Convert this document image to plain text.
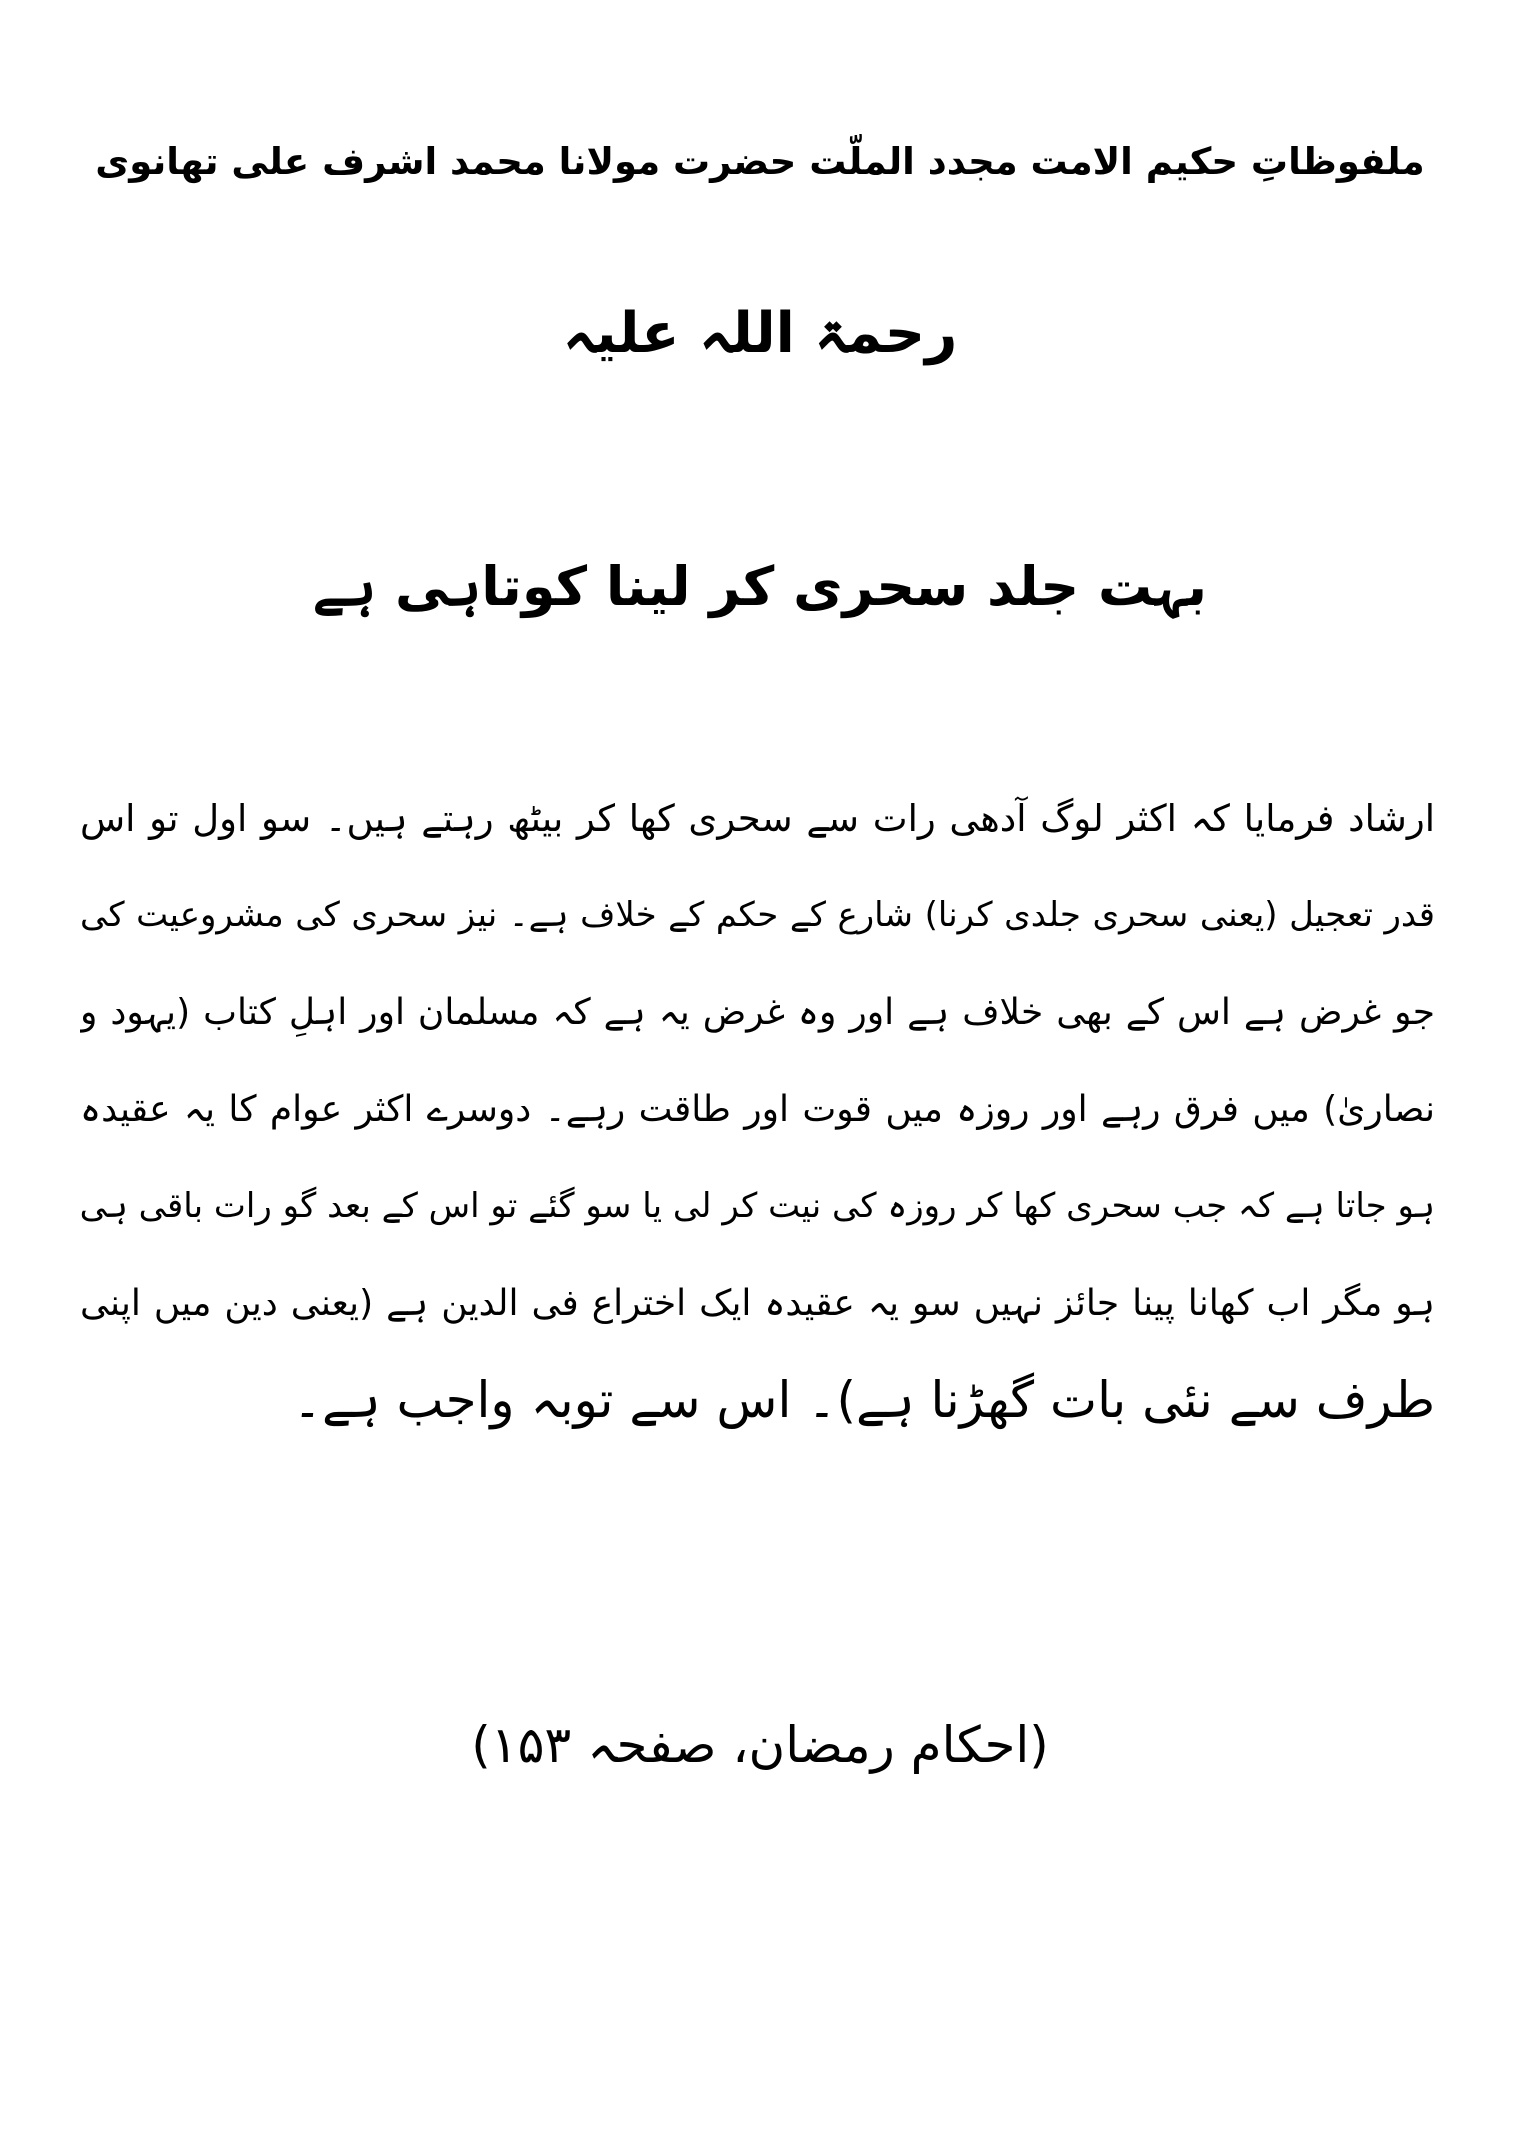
ملفوظاتِ حکیم الامت مجدد الملّت حضرت مولانا محمد اشرف علی تھانوی
رحمۃ اللہ علیہ
بہت جلد سحری کر لینا کوتاہی ہے
ارشاد فرمایا کہ اکثر لوگ آدھی رات سے سحری کھا کر بیٹھ رہتے ہیں۔ سو اول تو اس
قدر تعجیل (یعنی سحری جلدی کرنا) شارع کے حکم کے خلاف ہے۔ نیز سحری کی مشروعیت کی
جو غرض ہے اس کے بھی خلاف ہے اور وہ غرض یہ ہے کہ مسلمان اور اہلِ کتاب (یہود و
نصاریٰ) میں فرق رہے اور روزہ میں قوت اور طاقت رہے۔ دوسرے اکثر عوام کا یہ عقیدہ
ہو جاتا ہے کہ جب سحری کھا کر روزہ کی نیت کر لی یا سو گئے تو اس کے بعد گو رات باقی ہی
ہو مگر اب کھانا پینا جائز نہیں سو یہ عقیدہ ایک اختراع فی الدین ہے (یعنی دین میں اپنی
طرف سے نئی بات گھڑنا ہے)۔ اس سے توبہ واجب ہے۔
(احکام رمضان، صفحہ ۱۵۳)
